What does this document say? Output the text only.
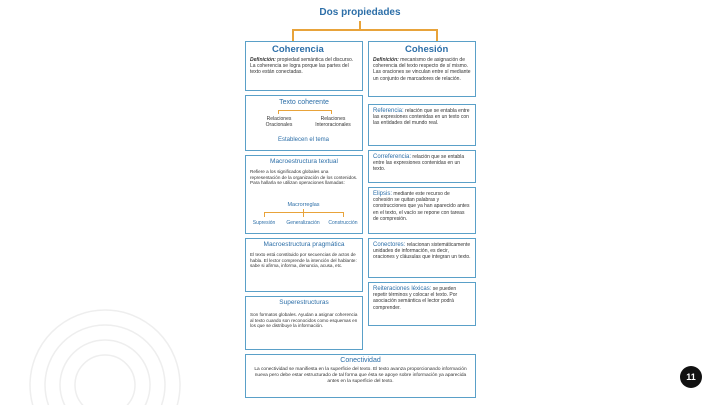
Dos propiedades
Coherencia
Definición: propiedad semántica del discurso. La coherencia se logra porque las partes del texto están conectadas.
Texto coherente
Relaciones Oracionales
Relaciones Interoracionales
Establecen el tema
Macroestructura textual
Refiere a los significados globales una representación de la organización de los contenidos. Para hallarla se utilizan operaciones llamadas:
Macrorreglas
Supresión	Generalización	Construcción
Macroestructura pragmática
El texto está constituido por secuencias de actos de habla. El lector comprende la intención del hablante: sabe si afirma, informa, denuncia, acusa, etc.
Superestructuras
Son formatos globales. Ayudan a asignar coherencia al texto cuando son reconocidos como esquemas en los que se distribuye la información.
Cohesión
Definición: mecanismo de asignación de coherencia del texto respecto de sí mismo. Las oraciones se vinculan entre sí mediante un conjunto de marcadores de relación.
Referencia: relación que se entabla entre las expresiones contenidas en un texto con las entidades del mundo real.
Correferencia: relación que se entabla entre las expresiones contenidas en un texto.
Elipsis: mediante este recurso de cohesión se quitan palabras y construcciones que ya han aparecido antes en el texto, el vacío se repone con tareas de compresión.
Conectores: relacionan sistemáticamente unidades de información, es decir, oraciones y cláusulas que integran un texto.
Reiteraciones léxicas: se pueden repetir términos y colocar el texto. Por asociación semántica el lector podrá comprender.
Conectividad
La conectividad se manifiesta en la superficie del texto. El texto avanza proporcionando información nueva pero debe estar estructurado de tal forma que ésta se apoye sobre información ya aparecida antes en la superficie del texto.	11
